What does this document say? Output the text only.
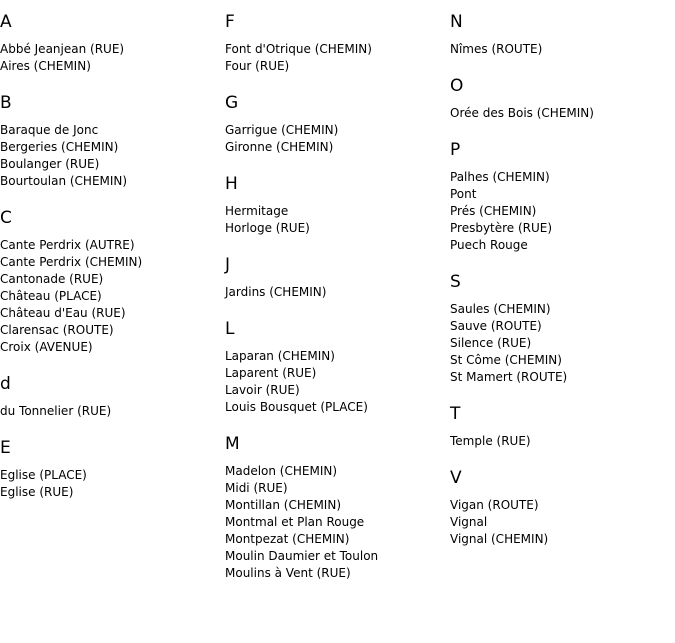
A
Abbé Jeanjean (RUE)
Aires (CHEMIN)
B
Baraque de Jonc
Bergeries (CHEMIN)
Boulanger (RUE)
Bourtoulan (CHEMIN)
C
Cante Perdrix (AUTRE)
Cante Perdrix (CHEMIN)
Cantonade (RUE)
Château (PLACE)
Château d'Eau (RUE)
Clarensac (ROUTE)
Croix (AVENUE)
d
du Tonnelier (RUE)
E
Eglise (PLACE)
Eglise (RUE)
F
Font d'Otrique (CHEMIN)
Four (RUE)
G
Garrigue (CHEMIN)
Gironne (CHEMIN)
H
Hermitage
Horloge (RUE)
J
Jardins (CHEMIN)
L
Laparan (CHEMIN)
Laparent (RUE)
Lavoir (RUE)
Louis Bousquet (PLACE)
M
Madelon (CHEMIN)
Midi (RUE)
Montillan (CHEMIN)
Montmal et Plan Rouge
Montpezat (CHEMIN)
Moulin Daumier et Toulon
Moulins à Vent (RUE)
N
Nîmes (ROUTE)
O
Orée des Bois (CHEMIN)
P
Palhes (CHEMIN)
Pont
Prés (CHEMIN)
Presbytère (RUE)
Puech Rouge
S
Saules (CHEMIN)
Sauve (ROUTE)
Silence (RUE)
St Côme (CHEMIN)
St Mamert (ROUTE)
T
Temple (RUE)
V
Vigan (ROUTE)
Vignal
Vignal (CHEMIN)
